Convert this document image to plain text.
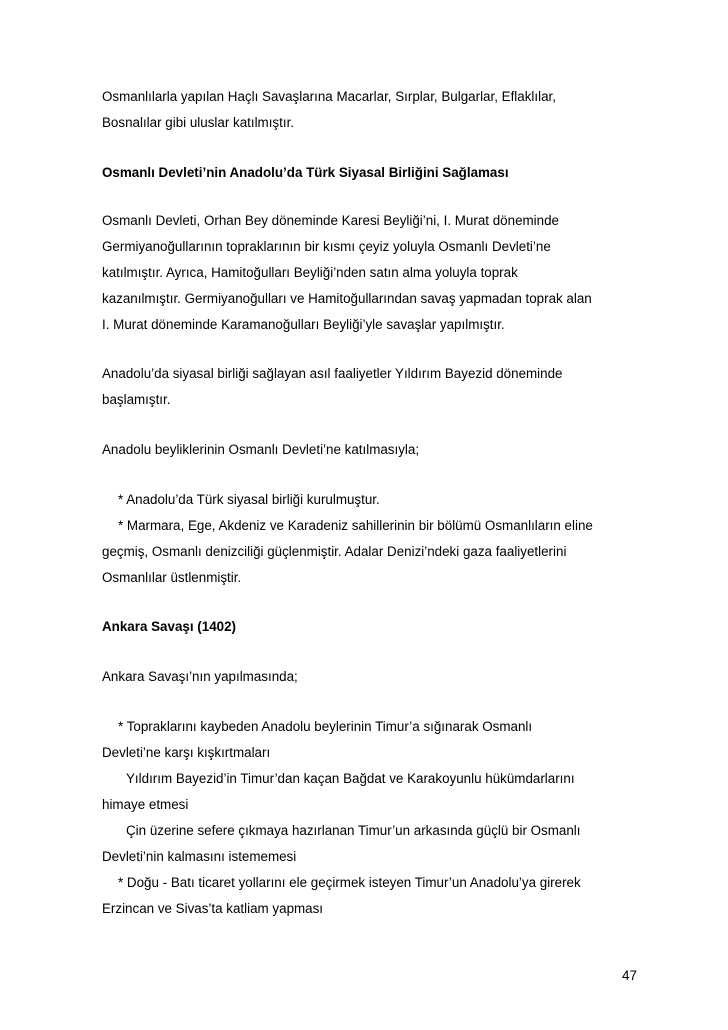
Osmanlılarla yapılan Haçlı Savaşlarına Macarlar, Sırplar, Bulgarlar, Eflaklılar,
Bosnalılar gibi uluslar katılmıştır.
Osmanlı Devleti’nin Anadolu’da Türk Siyasal Birliğini Sağlaması
Osmanlı Devleti, Orhan Bey döneminde Karesi Beyliği’ni, I. Murat döneminde
Germiyanoğullarının topraklarının bir kısmı çeyiz yoluyla Osmanlı Devleti’ne
katılmıştır. Ayrıca, Hamitoğulları Beyliği’nden satın alma yoluyla toprak
kazanılmıştır. Germiyanoğulları ve Hamitoğullarından savaş yapmadan toprak alan
I. Murat döneminde Karamanoğulları Beyliği’yle savaşlar yapılmıştır.
Anadolu’da siyasal birliği sağlayan asıl faaliyetler Yıldırım Bayezid döneminde
başlamıştır.
Anadolu beyliklerinin Osmanlı Devleti’ne katılmasıyla;
* Anadolu’da Türk siyasal birliği kurulmuştur.
* Marmara, Ege, Akdeniz ve Karadeniz sahillerinin bir bölümü Osmanlıların eline
geçmiş, Osmanlı denizciliği güçlenmiştir. Adalar Denizi’ndeki gaza faaliyetlerini
Osmanlılar üstlenmiştir.
Ankara Savaşı (1402)
Ankara Savaşı’nın yapılmasında;
* Topraklarını kaybeden Anadolu beylerinin Timur’a sığınarak Osmanlı
Devleti’ne karşı kışkırtmaları
Yıldırım Bayezid’in Timur’dan kaçan Bağdat ve Karakoyunlu hükümdarlarını
himaye etmesi
Çin üzerine sefere çıkmaya hazırlanan Timur’un arkasında güçlü bir Osmanlı
Devleti’nin kalmasını istememesi
* Doğu - Batı ticaret yollarını ele geçirmek isteyen Timur’un Anadolu’ya girerek
Erzincan ve Sivas’ta katliam yapması
47
